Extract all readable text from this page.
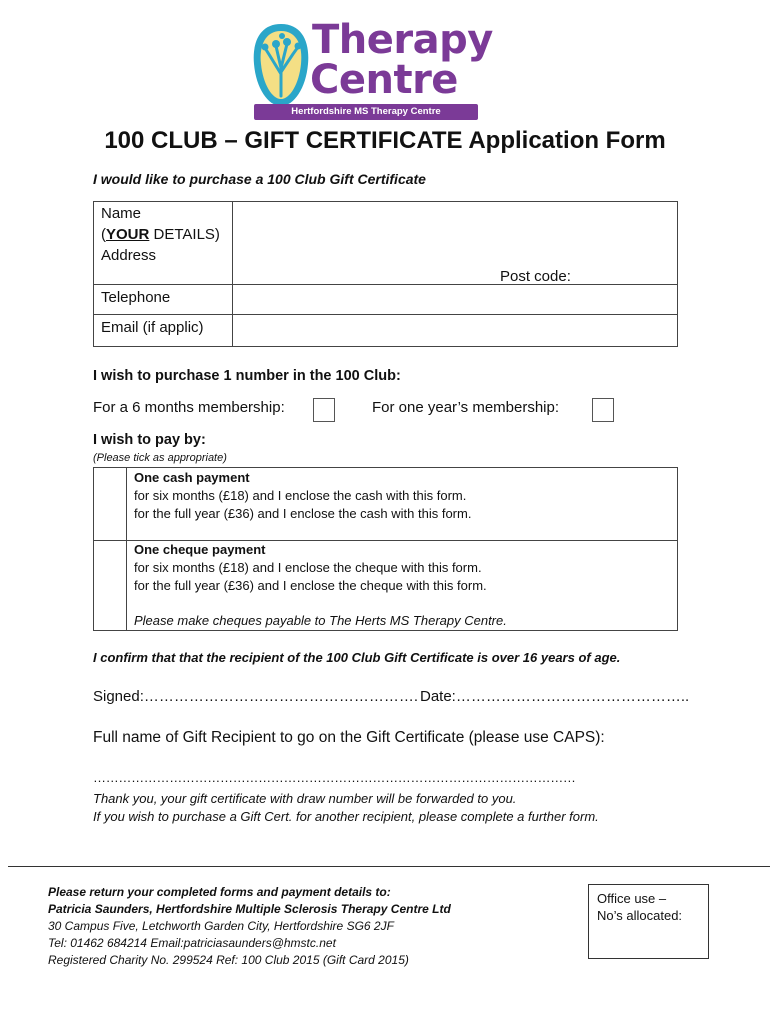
Therapy
Centre
Hertfordshire MS Therapy Centre
100 CLUB – GIFT CERTIFICATE Application Form
I would like to purchase a 100 Club Gift Certificate
Name
(YOUR DETAILS)
Address
Post code:
Telephone
Email (if applic)
I wish to purchase 1 number in the 100 Club:
For a 6 months membership:	For one year’s membership:
I wish to pay by:
(Please tick as appropriate)
One cash payment
for six months (£18) and I enclose the cash with this form.
for the full year (£36) and I enclose the cash with this form.
One cheque payment
for six months (£18) and I enclose the cheque with this form.
for the full year (£36) and I enclose the cheque with this form.
Please make cheques payable to The Herts MS Therapy Centre.
I confirm that that the recipient of the 100 Club Gift Certificate is over 16 years of age.
Signed:………………………………………………. Date:………………………………………..
Full name of Gift Recipient to go on the Gift Certificate (please use CAPS):
……………………………………………………………………………………………………
Thank you, your gift certificate with draw number will be forwarded to you.
If you wish to purchase a Gift Cert. for another recipient, please complete a further form.
Please return your completed forms and payment details to:
Patricia Saunders, Hertfordshire Multiple Sclerosis Therapy Centre Ltd
30 Campus Five, Letchworth Garden City, Hertfordshire SG6 2JF
Tel: 01462 684214 Email:patriciasaunders@hmstc.net
Registered Charity No. 299524 Ref: 100 Club 2015 (Gift Card 2015)
Office use –
No’s allocated:
